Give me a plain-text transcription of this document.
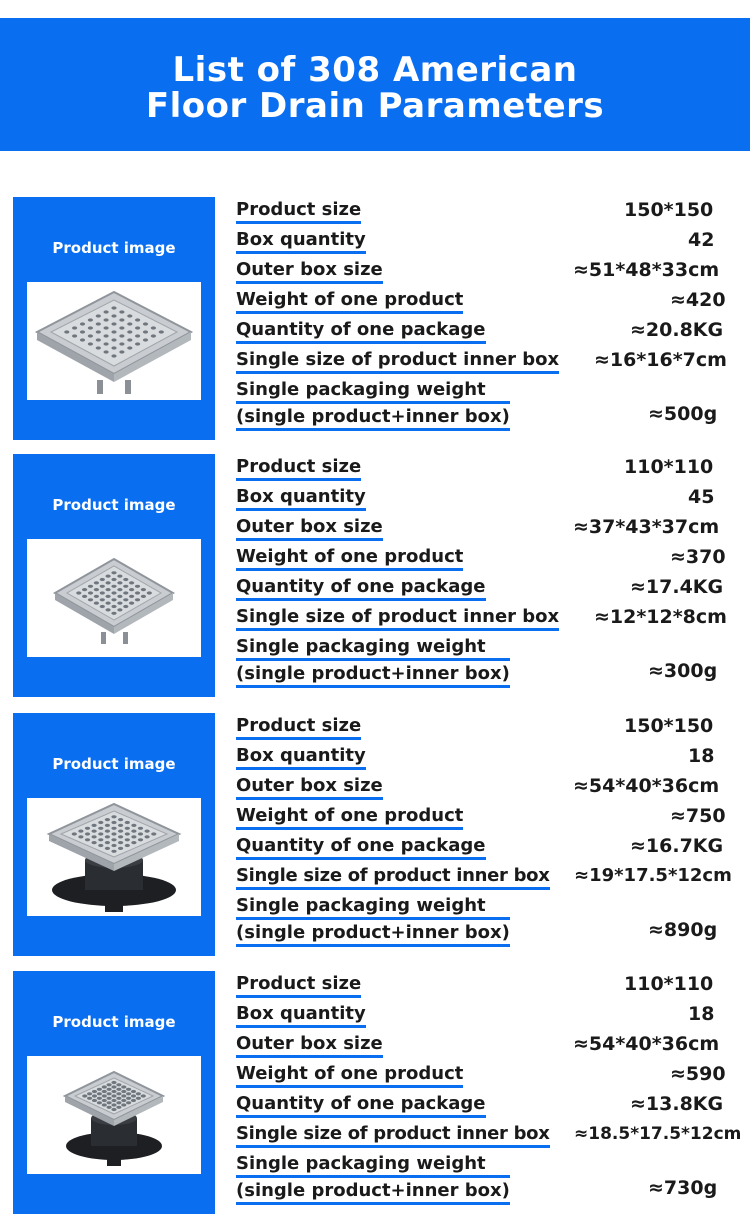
List of 308 American
Floor Drain Parameters
Product image
Product size	150*150
Box quantity	42
Outer box size	≈51*48*33cm
Weight of one product	≈420
Quantity of one package	≈20.8KG
Single size of product inner box ≈16*16*7cm
Single packaging weight
(single product+inner box)	≈500g
Product image
Product size	110*110
Box quantity	45
Outer box size	≈37*43*37cm
Weight of one product	≈370
Quantity of one package	≈17.4KG
Single size of product inner box ≈12*12*8cm
Single packaging weight
(single product+inner box)	≈300g
Product image
Product size	150*150
Box quantity	18
Outer box size	≈54*40*36cm
Weight of one product	≈750
Quantity of one package	≈16.7KG
Single size of product inner box ≈19*17.5*12cm
Single packaging weight
(single product+inner box)	≈890g
Product image
Product size	110*110
Box quantity	18
Outer box size	≈54*40*36cm
Weight of one product	≈590
Quantity of one package	≈13.8KG
Single size of product inner box ≈18.5*17.5*12cm
Single packaging weight
(single product+inner box)	≈730g
